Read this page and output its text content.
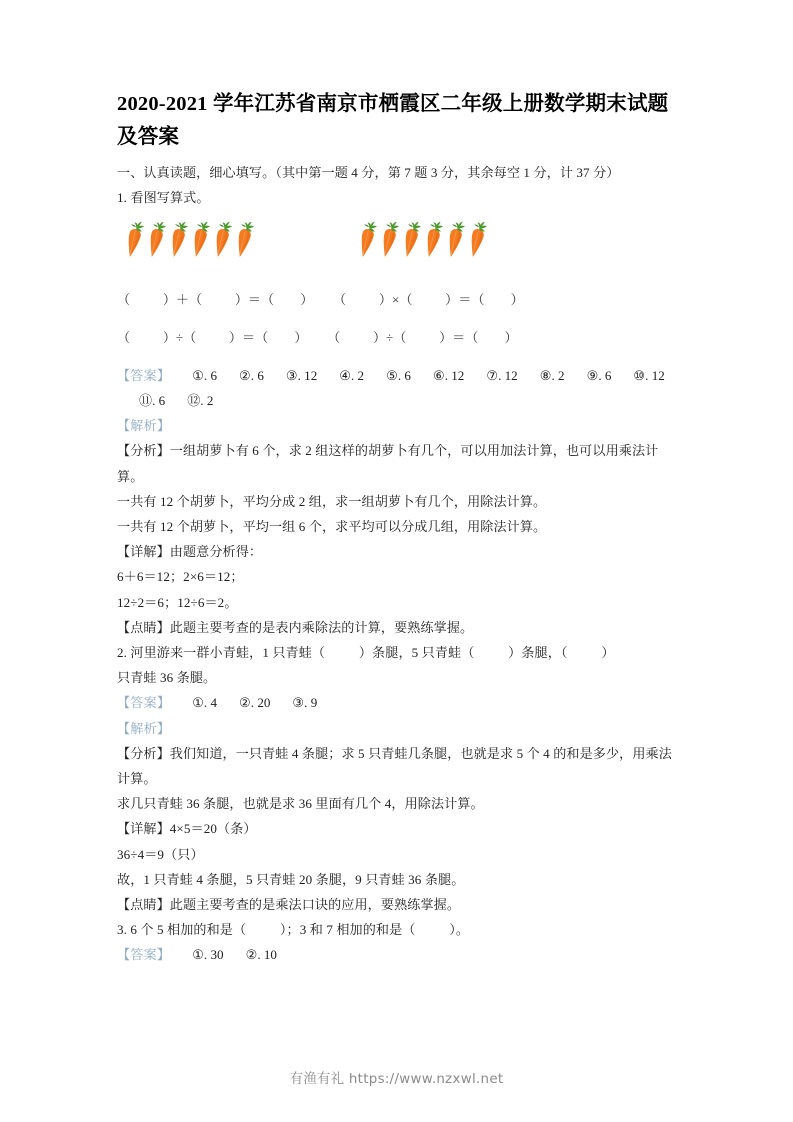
2020-2021 学年江苏省南京市栖霞区二年级上册数学期末试题及答案

一、认真读题，细心填写。（其中第一题 4 分，第 7 题 3 分，其余每空 1 分，计 37 分）

1. 看图写算式。

（          ）＋（          ）＝（        ）      （          ）×（          ）＝（        ）

（          ）÷（          ）＝（        ）      （          ）÷（          ）＝（        ）

【答案】 ①. 6 ②. 6 ③. 12 ④. 2 ⑤. 6 ⑥. 12 ⑦. 12 ⑧. 2 ⑨. 6 ⑩. 12⑪. 6 ⑫. 2

【解析】

【分析】一组胡萝卜有 6 个，求 2 组这样的胡萝卜有几个，可以用加法计算，也可以用乘法计算。

一共有 12 个胡萝卜，平均分成 2 组，求一组胡萝卜有几个，用除法计算。

一共有 12 个胡萝卜，平均一组 6 个，求平均可以分成几组，用除法计算。

【详解】由题意分析得：

6＋6＝12；2×6＝12；

12÷2＝6；12÷6＝2。

【点睛】此题主要考查的是表内乘除法的计算，要熟练掌握。

2. 河里游来一群小青蛙，1 只青蛙（          ）条腿，5 只青蛙（          ）条腿，（          ）

只青蛙 36 条腿。

【答案】 ①. 4 ②. 20 ③. 9

【解析】

【分析】我们知道，一只青蛙 4 条腿；求 5 只青蛙几条腿，也就是求 5 个 4 的和是多少，用乘法计算。

求几只青蛙 36 条腿，也就是求 36 里面有几个 4，用除法计算。

【详解】4×5＝20（条）

36÷4＝9（只）

故，1 只青蛙 4 条腿，5 只青蛙 20 条腿，9 只青蛙 36 条腿。

【点睛】此题主要考查的是乘法口诀的应用，要熟练掌握。

3. 6 个 5 相加的和是（          ）；3 和 7 相加的和是（          ）。

【答案】 ①. 30 ②. 10

有渔有礼 https://www.nzxwl.net
